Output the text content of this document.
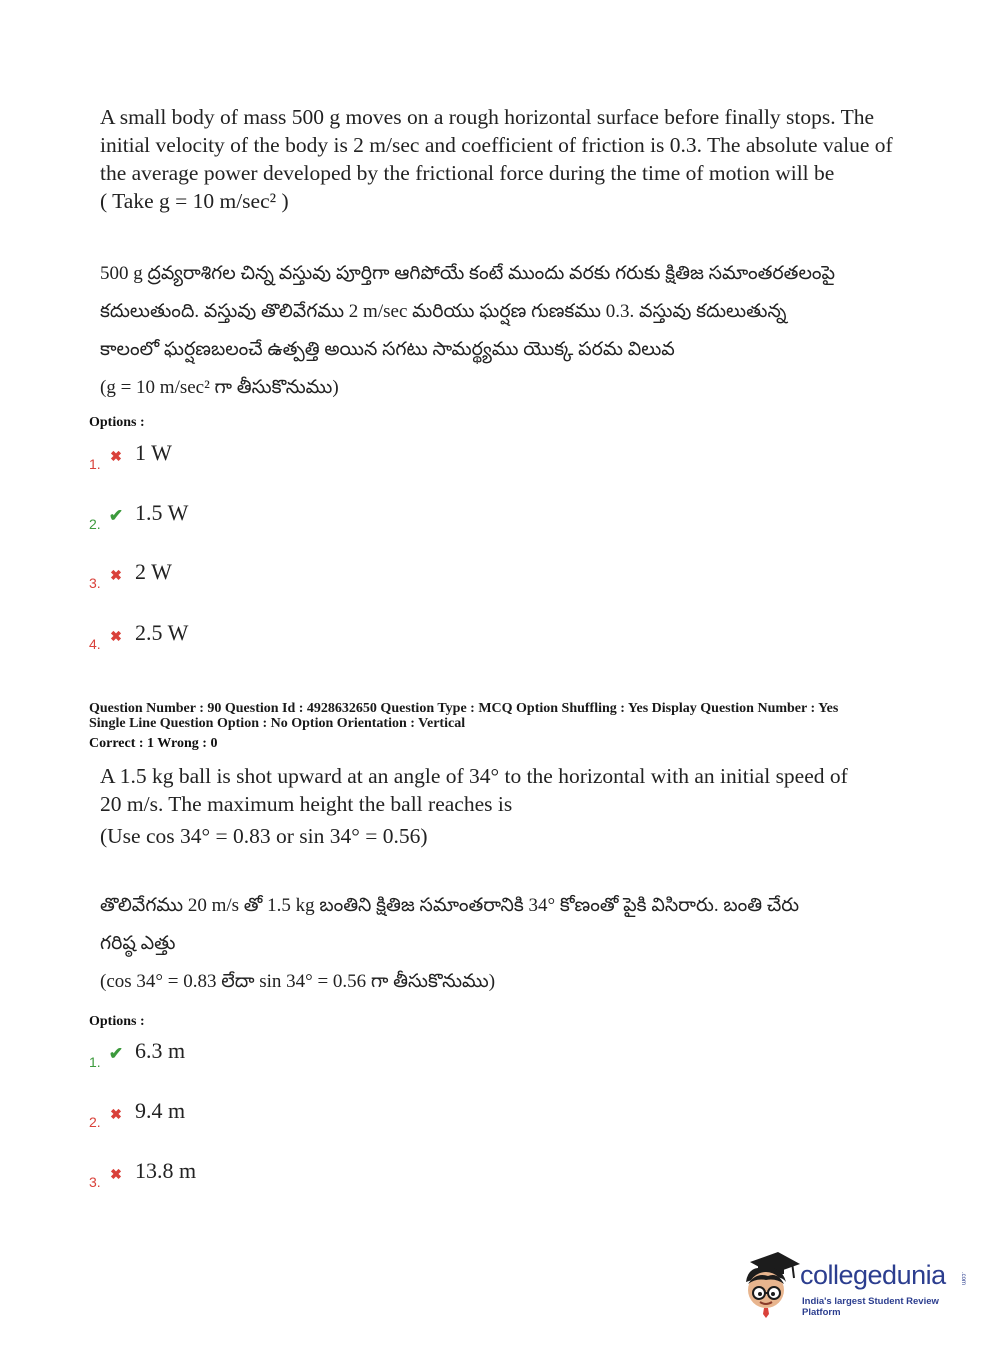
A small body of mass 500 g moves on a rough horizontal surface before finally stops. The

initial velocity of the body is 2 m/sec and coefficient of friction is 0.3. The absolute value of

the average power developed by the frictional force during the time of motion will be

( Take g = 10 m/sec² )

500 g ద్రవ్యరాశిగల చిన్న వస్తువు పూర్తిగా ఆగిపోయే కంటే ముందు వరకు గరుకు క్షితిజ సమాంతరతలంపై

కదులుతుంది. వస్తువు తొలివేగము 2 m/sec మరియు ఘర్షణ గుణకము 0.3. వస్తువు కదులుతున్న

కాలంలో ఘర్షణబలంచే ఉత్పత్తి అయిన సగటు సామర్థ్యము యొక్క పరమ విలువ

(g = 10 m/sec² గా తీసుకొనుము)

Options :
1. ✖ 1 W
2. ✔ 1.5 W
3. ✖ 2 W
4. ✖ 2.5 W
Question Number : 90 Question Id : 4928632650 Question Type : MCQ Option Shuffling : Yes Display Question Number : Yes
Single Line Question Option : No Option Orientation : Vertical
Correct : 1 Wrong : 0

A 1.5 kg ball is shot upward at an angle of 34° to the horizontal with an initial speed of

20 m/s. The maximum height the ball reaches is

(Use cos 34° = 0.83 or sin 34° = 0.56)

తొలివేగము 20 m/s తో 1.5 kg బంతిని క్షితిజ సమాంతరానికి 34° కోణంతో పైకి విసిరారు. బంతి చేరు

గరిష్ఠ ఎత్తు

(cos 34° = 0.83 లేదా sin 34° = 0.56 గా తీసుకొనుము)

Options :
1. ✔ 6.3 m
2. ✖ 9.4 m
3. ✖ 13.8 m
collegedunia .com
India's largest Student Review Platform
